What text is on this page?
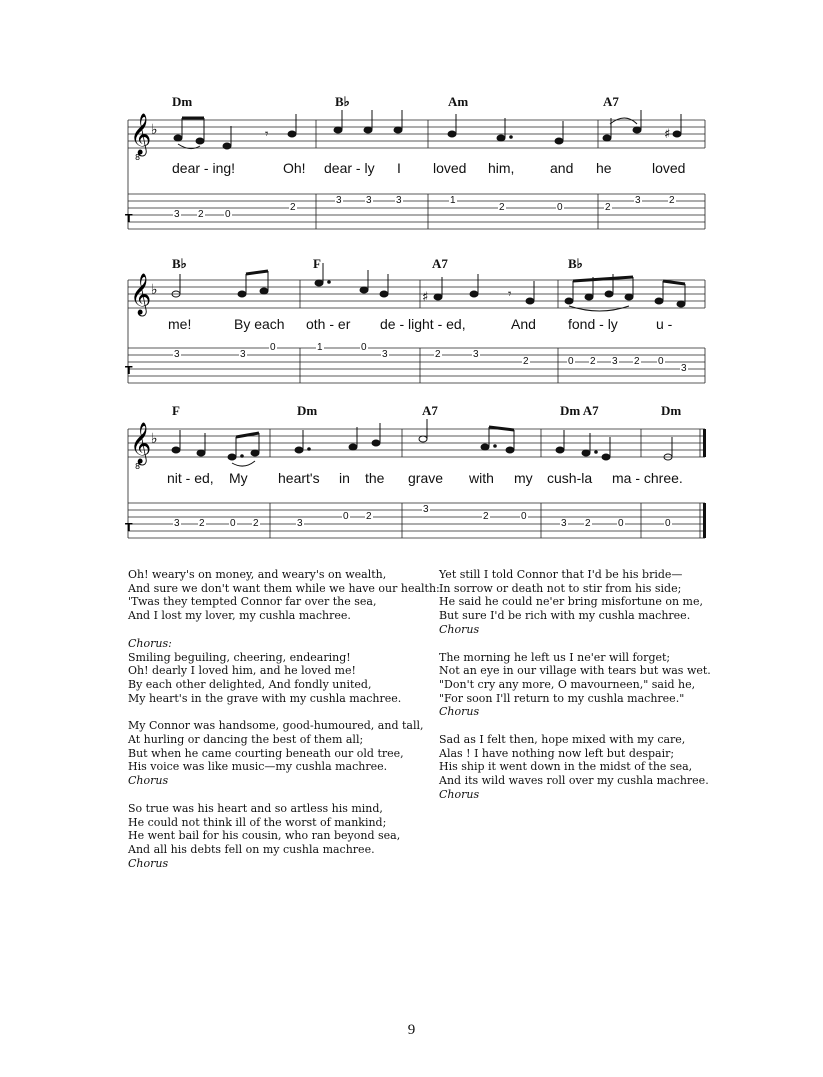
𝄞
8
♭	𝄾	♯
T
Dm	B♭	Am	A7
dear - ing!	Oh! dear - ly I loved him,	and he	loved
3 2 0
2
3 3 3	1
2	0	2
3	2
𝄞 ♭	♯	𝄾
T
B♭	F	A7	B♭
me!	By each oth - er de - light - ed,	And fond - ly	u -
3	3
0	1	0
3	2	3
2	0 2 3 2 0
3
𝄞
8
♭
T
F	Dm	A7	Dm A7	Dm
nit - ed, My heart's in the grave with my cush-la ma - chree.
3 2	0 2	3
0 2
3
2	0
3 2	0	0
Oh! weary's on money, and weary's on wealth,
And sure we don't want them while we have our health:
'Twas they tempted Connor far over the sea,
And I lost my lover, my cushla machree.
Chorus:
Smiling beguiling, cheering, endearing!
Oh! dearly I loved him, and he loved me!
By each other delighted, And fondly united,
My heart's in the grave with my cushla machree.
My Connor was handsome, good-humoured, and tall,
At hurling or dancing the best of them all;
But when he came courting beneath our old tree,
His voice was like music—my cushla machree.
Chorus
So true was his heart and so artless his mind,
He could not think ill of the worst of mankind;
He went bail for his cousin, who ran beyond sea,
And all his debts fell on my cushla machree.
Chorus
Yet still I told Connor that I'd be his bride—
In sorrow or death not to stir from his side;
He said he could ne'er bring misfortune on me,
But sure I'd be rich with my cushla machree.
Chorus
The morning he left us I ne'er will forget;
Not an eye in our village with tears but was wet.
"Don't cry any more, O mavourneen," said he,
"For soon I'll return to my cushla machree."
Chorus
Sad as I felt then, hope mixed with my care,
Alas ! I have nothing now left but despair;
His ship it went down in the midst of the sea,
And its wild waves roll over my cushla machree.
Chorus
9
